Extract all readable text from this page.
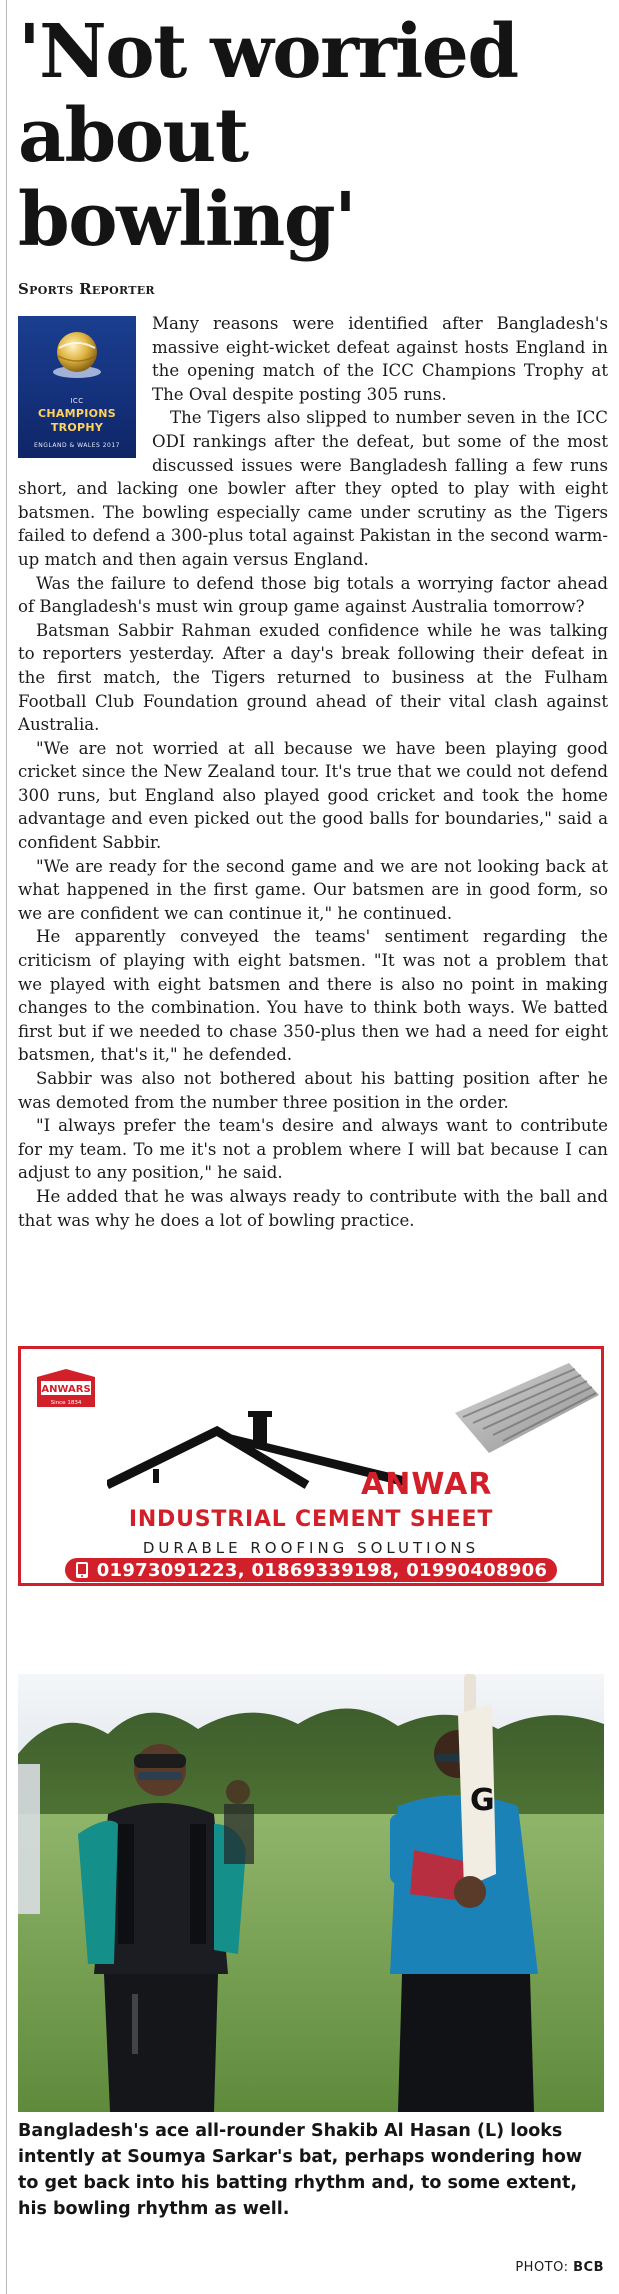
'Not worried
about bowling'
Sports Reporter
ICC
CHAMPIONS
TROPHY
ENGLAND & WALES 2017

Many reasons were identified after Bangladesh's massive eight-wicket defeat against hosts England in the opening match of the ICC Champions Trophy at The Oval despite posting 305 runs.

The Tigers also slipped to number seven in the ICC ODI rankings after the defeat, but some of the most discussed issues were Bangladesh falling a few runs short, and lacking one bowler after they opted to play with eight batsmen. The bowling especially came under scrutiny as the Tigers failed to defend a 300-plus total against Pakistan in the second warm-up match and then again versus England.

Was the failure to defend those big totals a worrying factor ahead of Bangladesh's must win group game against Australia tomorrow?

Batsman Sabbir Rahman exuded confidence while he was talking to reporters yesterday. After a day's break following their defeat in the first match, the Tigers returned to business at the Fulham Football Club Foundation ground ahead of their vital clash against Australia.

"We are not worried at all because we have been playing good cricket since the New Zealand tour. It's true that we could not defend 300 runs, but England also played good cricket and took the home advantage and even picked out the good balls for boundaries," said a confident Sabbir.

"We are ready for the second game and we are not looking back at what happened in the first game. Our batsmen are in good form, so we are confident we can continue it," he continued.

He apparently conveyed the teams' sentiment regarding the criticism of playing with eight batsmen. "It was not a problem that we played with eight batsmen and there is also no point in making changes to the combination. You have to think both ways. We batted first but if we needed to chase 350-plus then we had a need for eight batsmen, that's it," he defended.

Sabbir was also not bothered about his batting position after he was demoted from the number three position in the order.

"I always prefer the team's desire and always want to contribute for my team. To me it's not a problem where I will bat because I can adjust to any position," he said.

He added that he was always ready to contribute with the ball and that was why he does a lot of bowling practice.

ANWARS
Since 1834
ANWAR
INDUSTRIAL CEMENT SHEET
DURABLE ROOFING SOLUTIONS
01973091223, 01869339198, 01990408906
G
Bangladesh's ace all-rounder Shakib Al Hasan (L) looks intently at Soumya Sarkar's bat, perhaps wondering how to get back into his batting rhythm and, to some extent, his bowling rhythm as well.
PHOTO: BCB
